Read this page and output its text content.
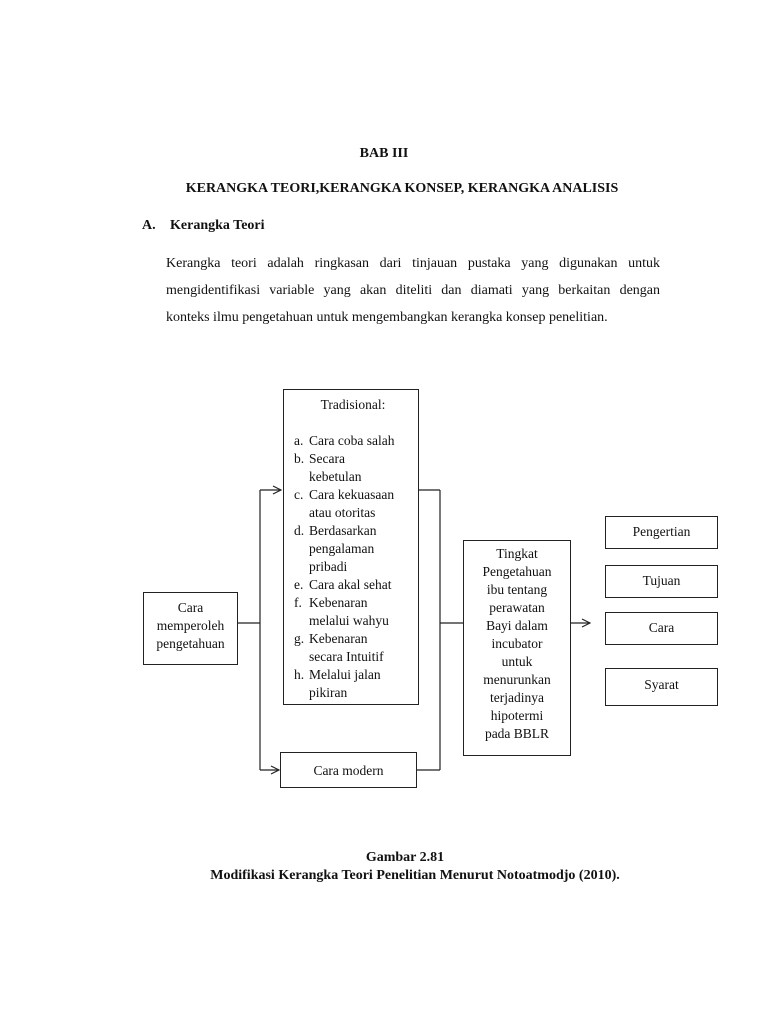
BAB III
KERANGKA TEORI,KERANGKA KONSEP, KERANGKA ANALISIS
A. Kerangka Teori
Kerangka teori adalah ringkasan dari tinjauan pustaka yang digunakan untuk
mengidentifikasi variable yang akan diteliti dan diamati yang berkaitan dengan
konteks ilmu pengetahuan untuk mengembangkan kerangka konsep penelitian.
Cara
memperoleh
pengetahuan
Tradisional:
a. Cara coba salah
b. Secara
kebetulan
c. Cara kekuasaan
atau otoritas
d. Berdasarkan
pengalaman
pribadi
e. Cara akal sehat
f. Kebenaran
melalui wahyu
g. Kebenaran
secara Intuitif
h. Melalui jalan
pikiran
Cara modern
Tingkat
Pengetahuan
ibu tentang
perawatan
Bayi dalam
incubator
untuk
menurunkan
terjadinya
hipotermi
pada BBLR
Pengertian
Tujuan
Cara
Syarat
Gambar 2.81
Modifikasi Kerangka Teori Penelitian Menurut Notoatmodjo (2010).
